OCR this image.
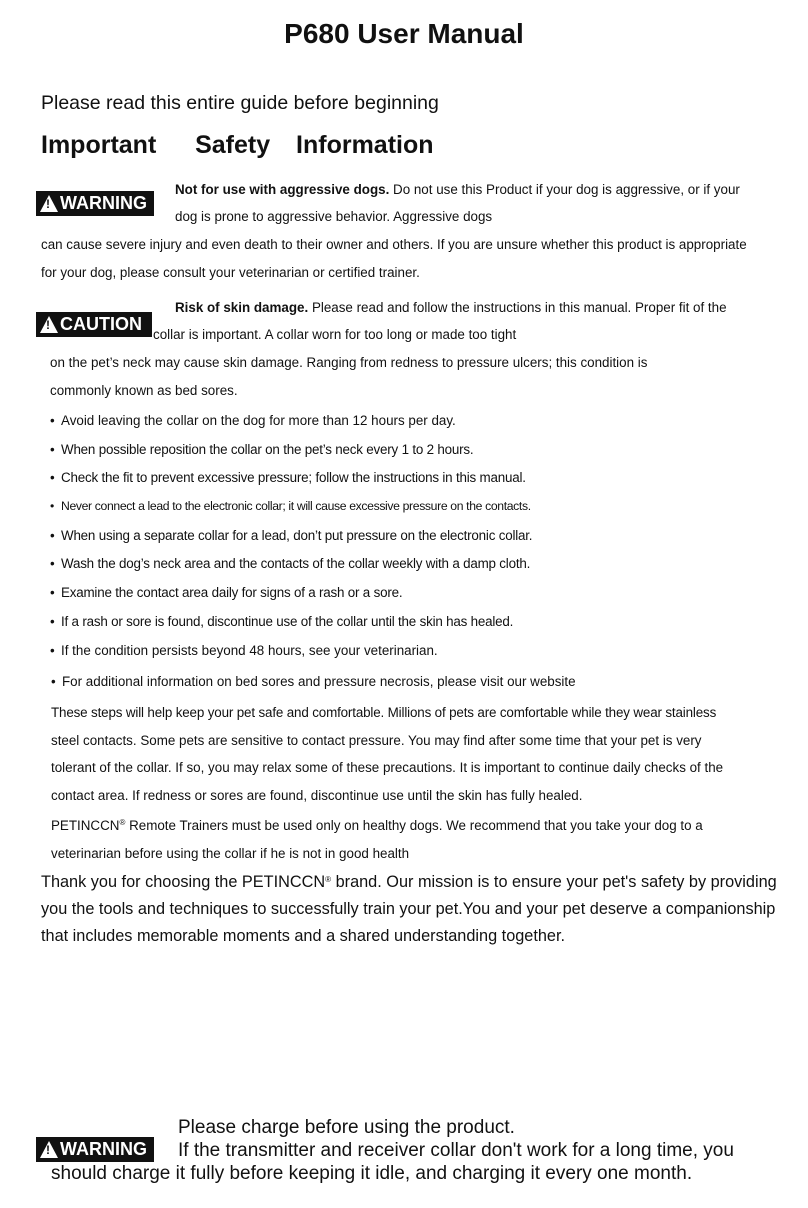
P680 User Manual
Please read this entire guide before beginning
Important   Safety  Information
!
WARNING
Not for use with aggressive dogs. Do not use this Product if your dog is aggressive, or if your
dog is prone to aggressive behavior. Aggressive dogs
can cause severe injury and even death to their owner and others. If you are unsure whether this product is appropriate
for your dog, please consult your veterinarian or certified trainer.
!
CAUTION
Risk of skin damage. Please read and follow the instructions in this manual. Proper fit of the
collar is important. A collar worn for too long or made too tight
on the pet’s neck may cause skin damage. Ranging from redness to pressure ulcers; this condition is
commonly known as bed sores.
• Avoid leaving the collar on the dog for more than 12 hours per day.
• When possible reposition the collar on the pet’s neck every 1 to 2 hours.
• Check the fit to prevent excessive pressure; follow the instructions in this manual.
• Never connect a lead to the electronic collar; it will cause excessive pressure on the contacts.
• When using a separate collar for a lead, don’t put pressure on the electronic collar.
• Wash the dog’s neck area and the contacts of the collar weekly with a damp cloth.
• Examine the contact area daily for signs of a rash or a sore.
• If a rash or sore is found, discontinue use of the collar until the skin has healed.
• If the condition persists beyond 48 hours, see your veterinarian.
• For additional information on bed sores and pressure necrosis, please visit our website
These steps will help keep your pet safe and comfortable. Millions of pets are comfortable while they wear stainless
steel contacts. Some pets are sensitive to contact pressure. You may find after some time that your pet is very
tolerant of the collar. If so, you may relax some of these precautions. It is important to continue daily checks of the
contact area. If redness or sores are found, discontinue use until the skin has fully healed.
PETINCCN® Remote Trainers must be used only on healthy dogs. We recommend that you take your dog to a
veterinarian before using the collar if he is not in good health
Thank you for choosing the PETINCCN® brand. Our mission is to ensure your pet's safety by providing
you the tools and techniques to successfully train your pet.You and your pet deserve a companionship
that includes memorable moments and a shared understanding together.
Please charge before using the product.
!
WARNING If the transmitter and receiver collar don't work for a long time, you
should charge it fully before keeping it idle, and charging it every one month.
